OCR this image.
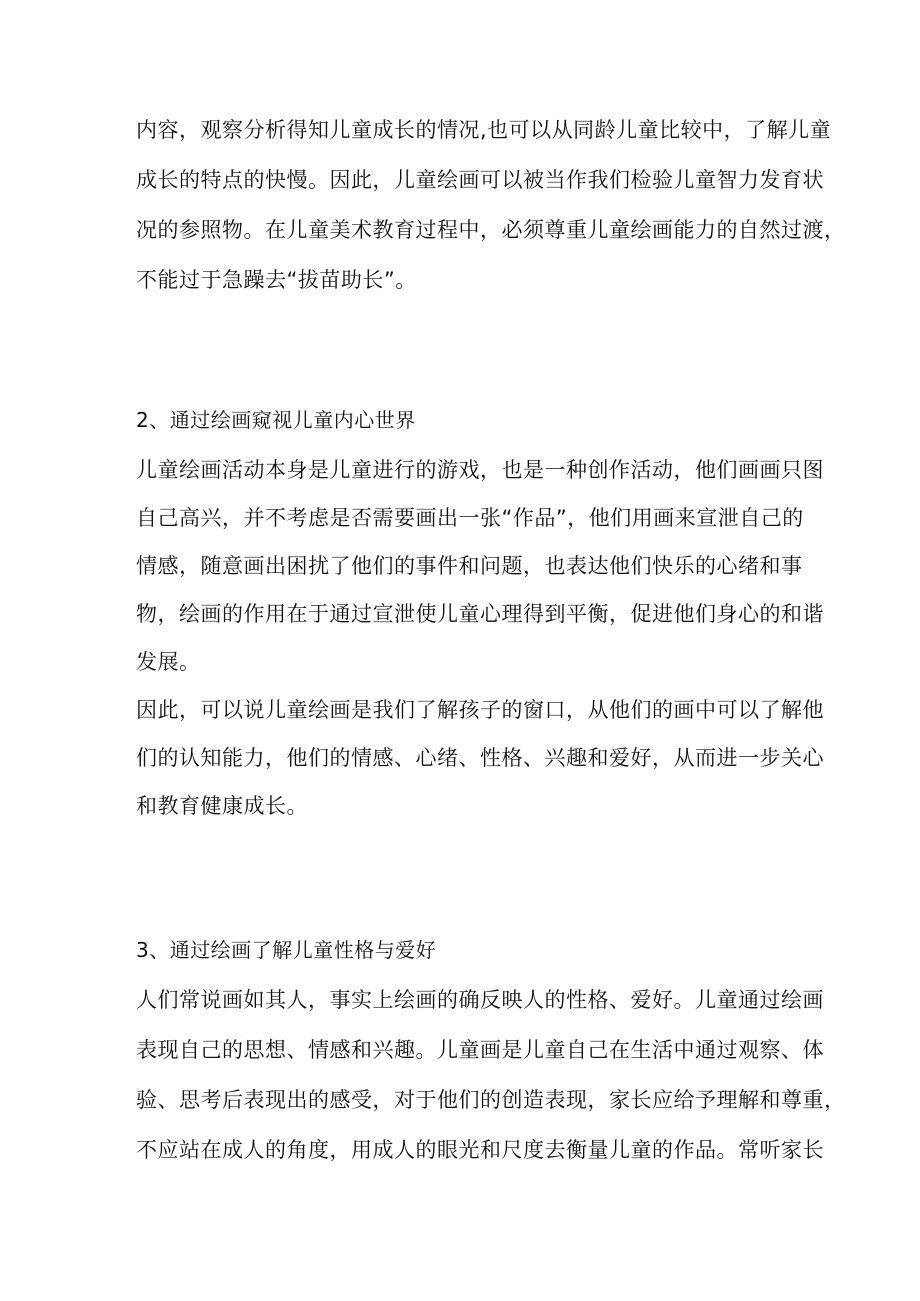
内容，观察分析得知儿童成长的情况,也可以从同龄儿童比较中，了解儿童
成长的特点的快慢。因此，儿童绘画可以被当作我们检验儿童智力发育状
况的参照物。在儿童美术教育过程中，必须尊重儿童绘画能力的自然过渡，
不能过于急躁去“拔苗助长”。
2、通过绘画窥视儿童内心世界
儿童绘画活动本身是儿童进行的游戏，也是一种创作活动，他们画画只图
自己高兴，并不考虑是否需要画出一张“作品”，他们用画来宣泄自己的
情感，随意画出困扰了他们的事件和问题，也表达他们快乐的心绪和事
物，绘画的作用在于通过宣泄使儿童心理得到平衡，促进他们身心的和谐
发展。
因此，可以说儿童绘画是我们了解孩子的窗口，从他们的画中可以了解他
们的认知能力，他们的情感、心绪、性格、兴趣和爱好，从而进一步关心
和教育健康成长。
3、通过绘画了解儿童性格与爱好
人们常说画如其人，事实上绘画的确反映人的性格、爱好。儿童通过绘画
表现自己的思想、情感和兴趣。儿童画是儿童自己在生活中通过观察、体
验、思考后表现出的感受，对于他们的创造表现，家长应给予理解和尊重，
不应站在成人的角度，用成人的眼光和尺度去衡量儿童的作品。常听家长
